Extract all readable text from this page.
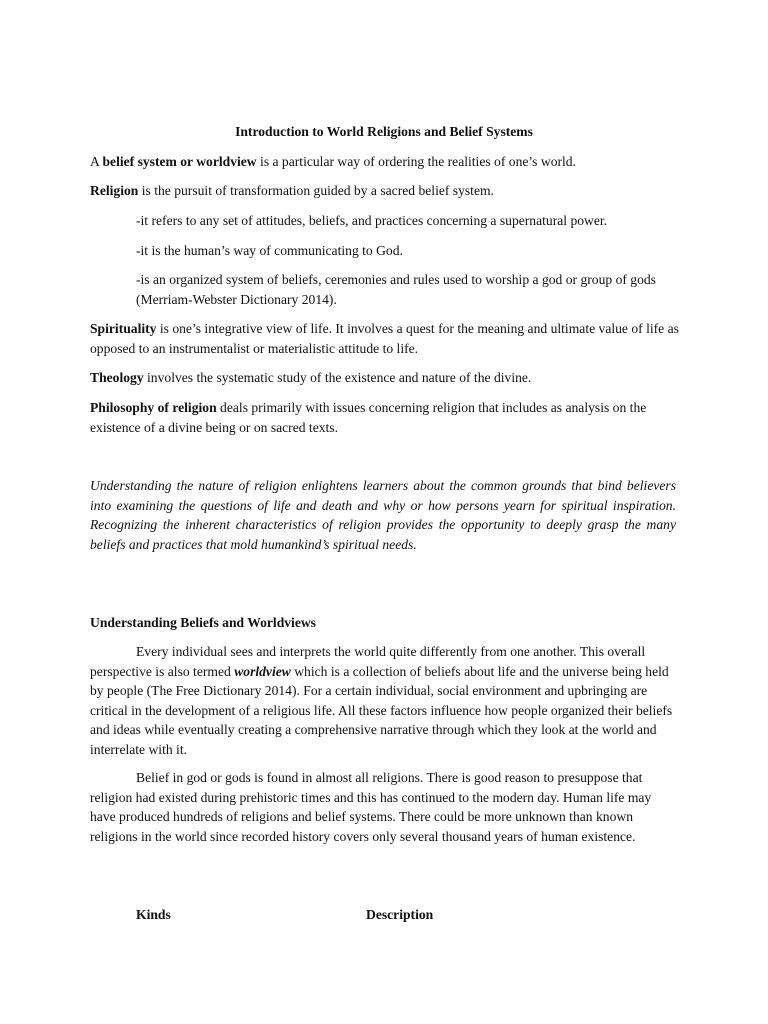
Introduction to World Religions and Belief Systems

A belief system or worldview is a particular way of ordering the realities of one’s world.

Religion is the pursuit of transformation guided by a sacred belief system.

-it refers to any set of attitudes, beliefs, and practices concerning a supernatural power.

-it is the human’s way of communicating to God.

-is an organized system of beliefs, ceremonies and rules used to worship a god or group of gods (Merriam-Webster Dictionary 2014).

Spirituality is one’s integrative view of life. It involves a quest for the meaning and ultimate value of life as opposed to an instrumentalist or materialistic attitude to life.

Theology involves the systematic study of the existence and nature of the divine.

Philosophy of religion deals primarily with issues concerning religion that includes as analysis on the existence of a divine being or on sacred texts.

Understanding the nature of religion enlightens learners about the common grounds that bind believers into examining the questions of life and death and why or how persons yearn for spiritual inspiration. Recognizing the inherent characteristics of religion provides the opportunity to deeply grasp the many beliefs and practices that mold humankind’s spiritual needs.

Understanding Beliefs and Worldviews

Every individual sees and interprets the world quite differently from one another. This overall perspective is also termed worldview which is a collection of beliefs about life and the universe being held by people (The Free Dictionary 2014). For a certain individual, social environment and upbringing are critical in the development of a religious life. All these factors influence how people organized their beliefs and ideas while eventually creating a comprehensive narrative through which they look at the world and interrelate with it.

Belief in god or gods is found in almost all religions. There is good reason to presuppose that religion had existed during prehistoric times and this has continued to the modern day. Human life may have produced hundreds of religions and belief systems. There could be more unknown than known religions in the world since recorded history covers only several thousand years of human existence.

Kinds	Description
